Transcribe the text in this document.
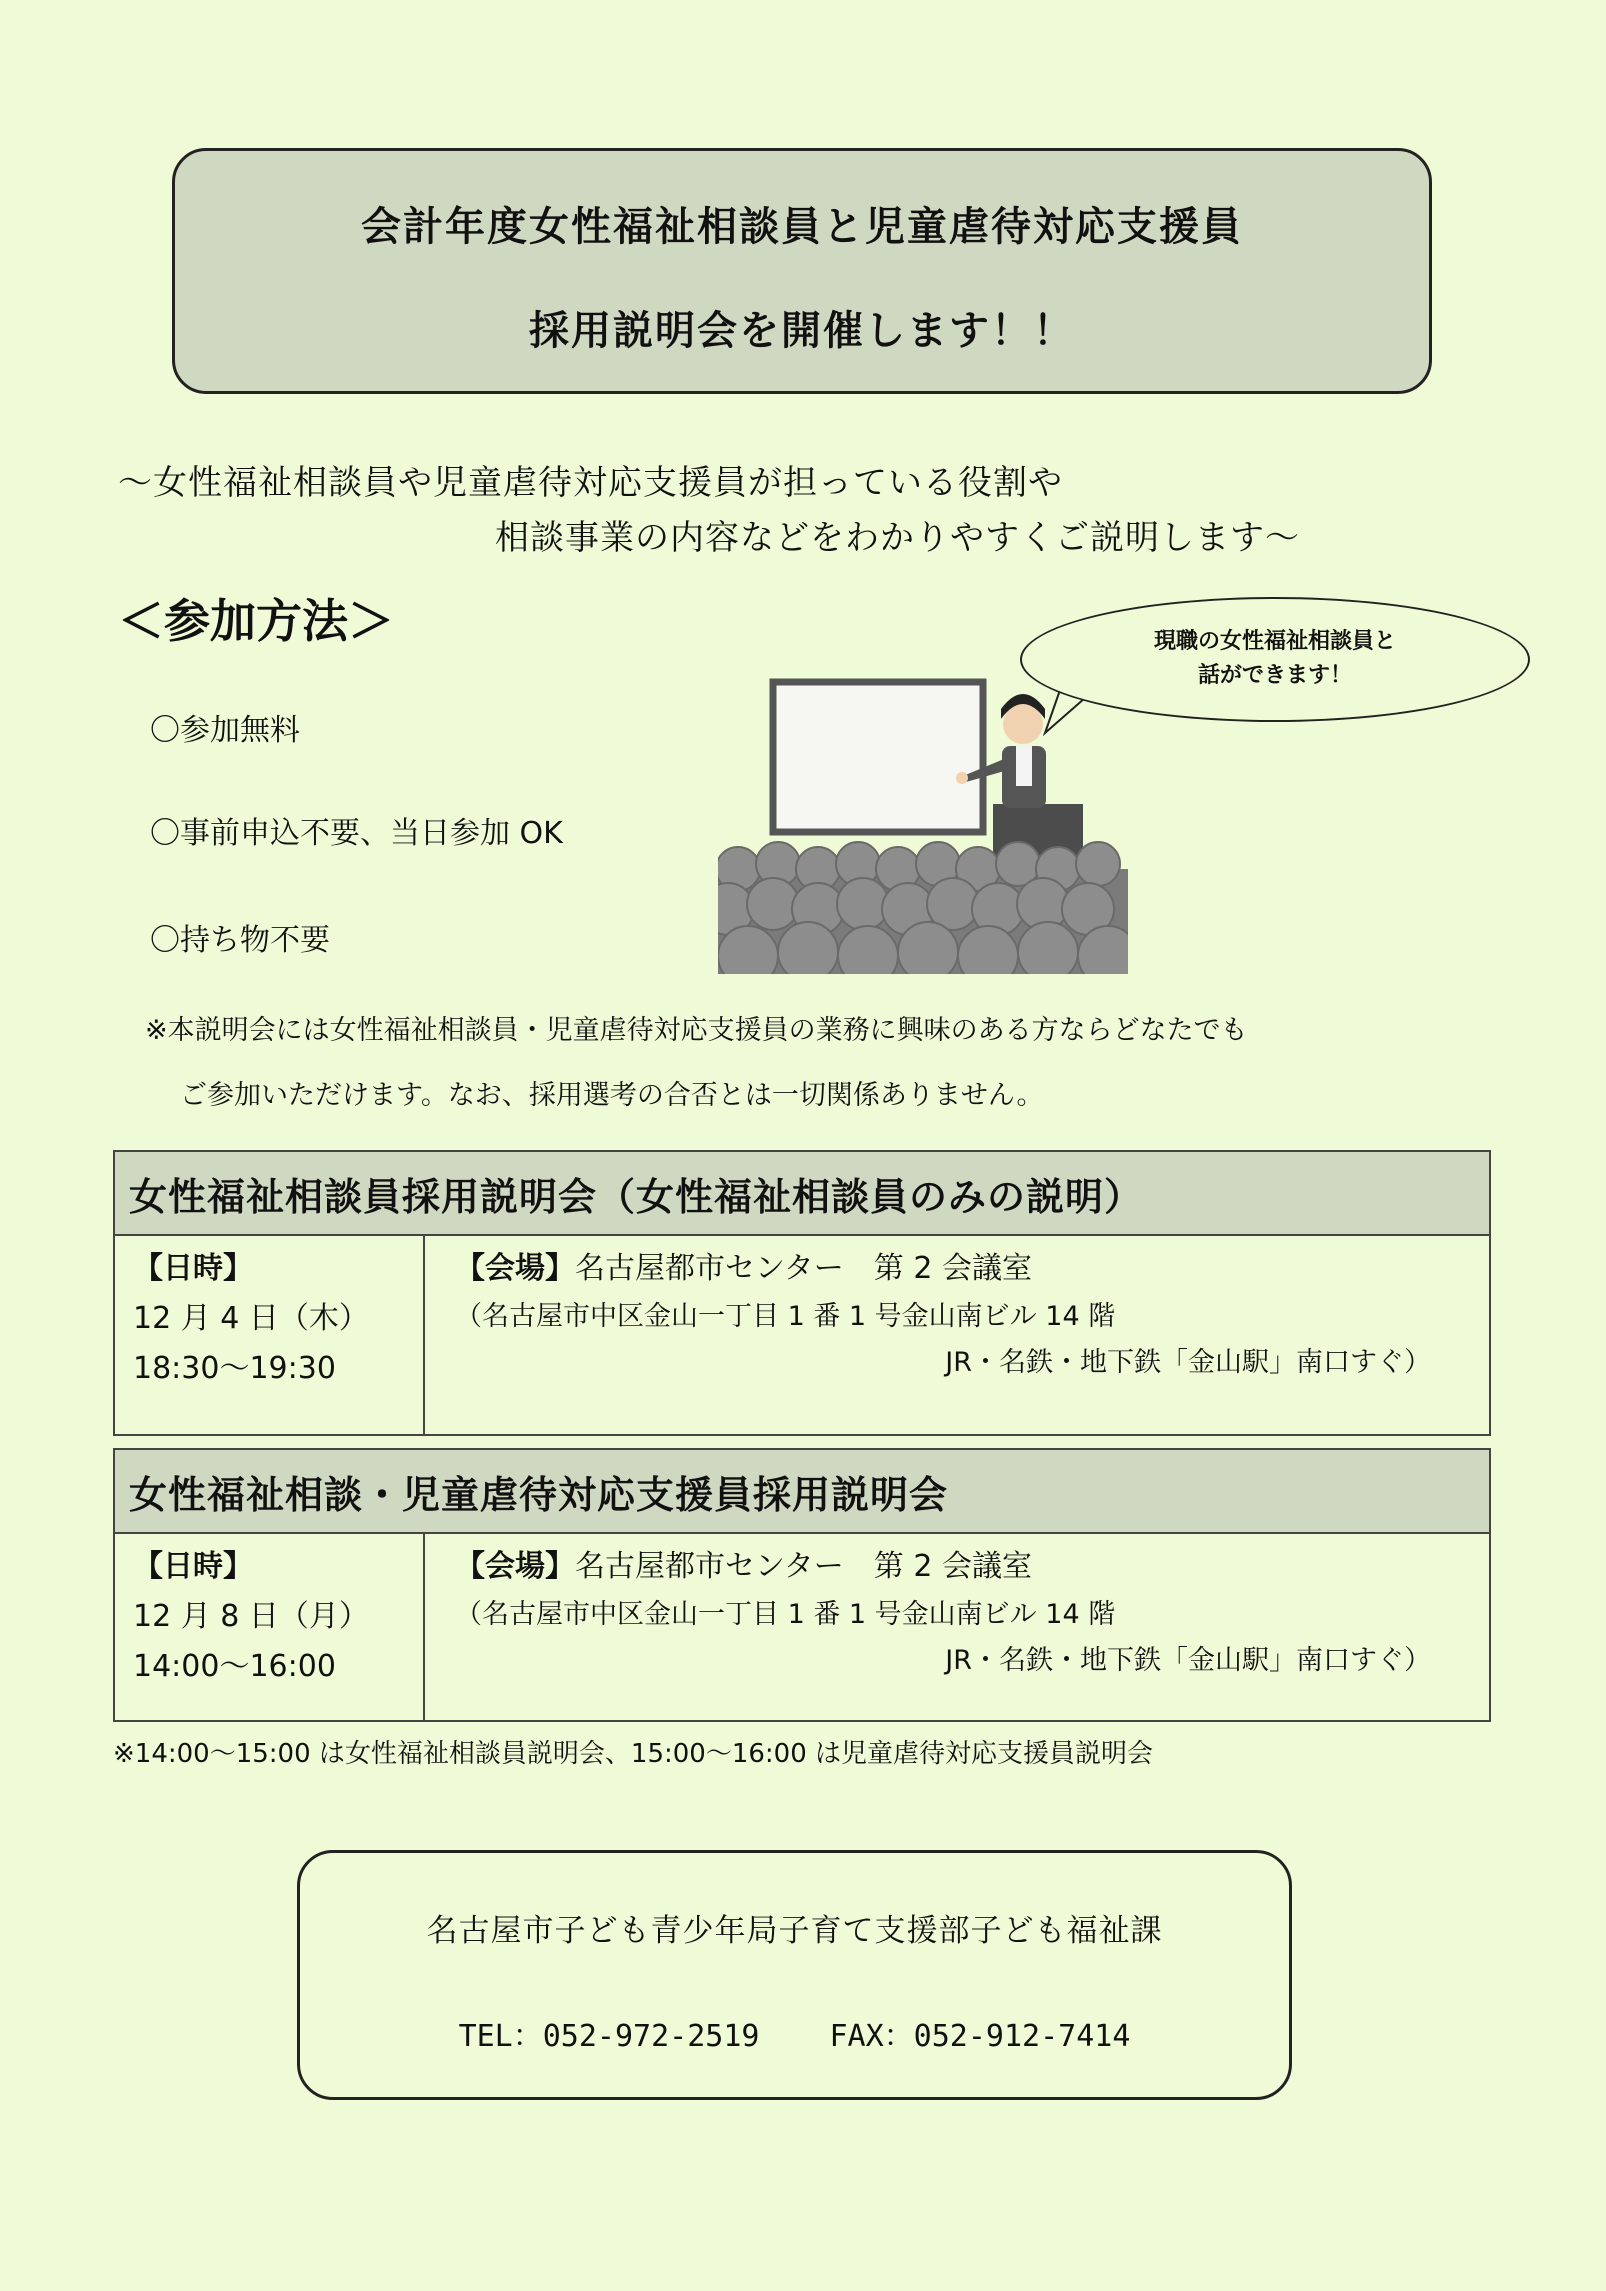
会計年度女性福祉相談員と児童虐待対応支援員
採用説明会を開催します！！
～女性福祉相談員や児童虐待対応支援員が担っている役割や
相談事業の内容などをわかりやすくご説明します～
＜参加方法＞
〇参加無料
〇事前申込不要、当日参加 OK
〇持ち物不要
現職の女性福祉相談員と
話ができます！
※本説明会には女性福祉相談員・児童虐待対応支援員の業務に興味のある方ならどなたでも
ご参加いただけます。なお、採用選考の合否とは一切関係ありません。
女性福祉相談員採用説明会（女性福祉相談員のみの説明）

【日時】
12 月 4 日（木）
18:30～19:30

【会場】名古屋都市センター　第 2 会議室
（名古屋市中区金山一丁目 1 番 1 号金山南ビル 14 階
JR・名鉄・地下鉄「金山駅」南口すぐ）
女性福祉相談・児童虐待対応支援員採用説明会

【日時】
12 月 8 日（月）
14:00～16:00

【会場】名古屋都市センター　第 2 会議室
（名古屋市中区金山一丁目 1 番 1 号金山南ビル 14 階
JR・名鉄・地下鉄「金山駅」南口すぐ）
※14:00～15:00 は女性福祉相談員説明会、15:00～16:00 は児童虐待対応支援員説明会
名古屋市子ども青少年局子育て支援部子ども福祉課
TEL：052-972-2519 FAX：052-912-7414
